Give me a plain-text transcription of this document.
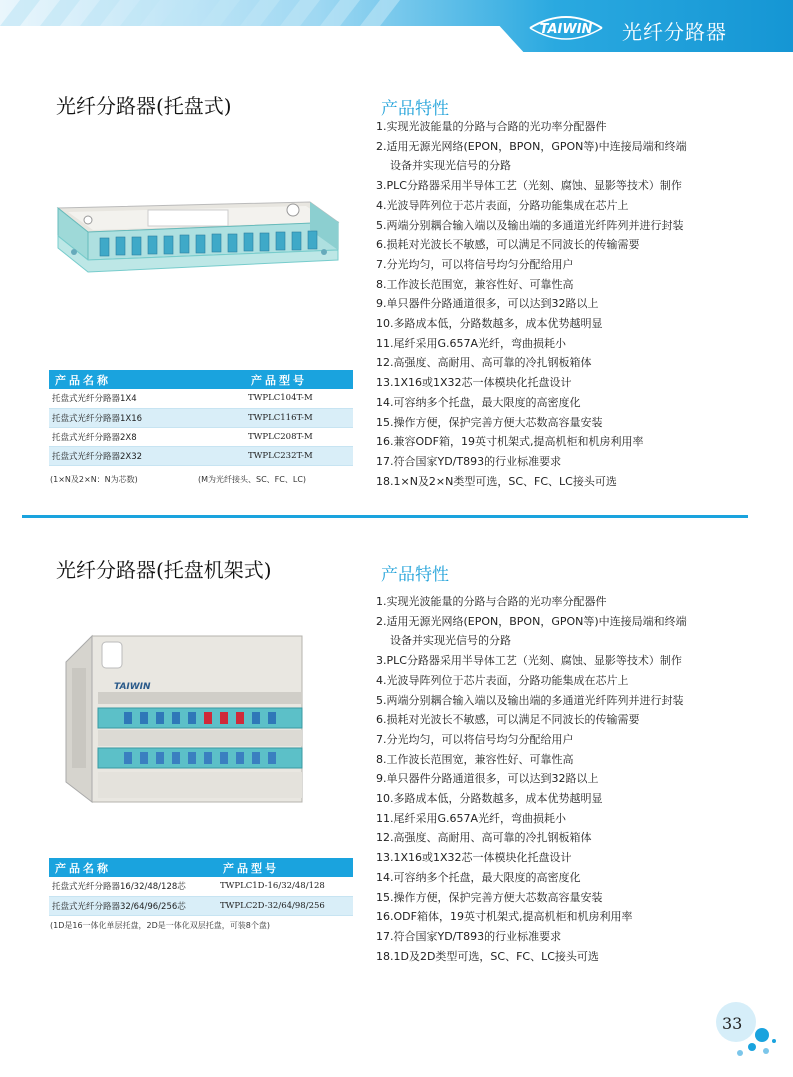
TAIWIN 光纤分路器
光纤分路器(托盘式)	产品特性
产品名称	产品型号
托盘式光纤分路器1X4	TWPLC104T-M
托盘式光纤分路器1X16	TWPLC116T-M
托盘式光纤分路器2X8	TWPLC208T-M
托盘式光纤分路器2X32	TWPLC232T-M
(1×N及2×N：N为芯数)	(M为光纤接头、SC、FC、LC)
1.实现光波能量的分路与合路的光功率分配器件
2.适用无源光网络(EPON，BPON，GPON等)中连接局端和终端
设备并实现光信号的分路
3.PLC分路器采用半导体工艺（光刻、腐蚀、显影等技术）制作
4.光波导阵列位于芯片表面，分路功能集成在芯片上
5.两端分别耦合输入端以及输出端的多通道光纤阵列并进行封装
6.损耗对光波长不敏感，可以满足不同波长的传输需要
7.分光均匀，可以将信号均匀分配给用户
8.工作波长范围宽，兼容性好、可靠性高
9.单只器件分路通道很多，可以达到32路以上
10.多路成本低，分路数越多，成本优势越明显
11.尾纤采用G.657A光纤，弯曲损耗小
12.高强度、高耐用、高可靠的冷扎钢板箱体
13.1X16或1X32芯一体模块化托盘设计
14.可容纳多个托盘，最大限度的高密度化
15.操作方便，保护完善方便大芯数高容量安装
16.兼容ODF箱，19英寸机架式,提高机柜和机房利用率
17.符合国家YD/T893的行业标准要求
18.1×N及2×N类型可选，SC、FC、LC接头可选
光纤分路器(托盘机架式)	产品特性
TAIWIN
产品名称	产品型号
托盘式光纤分路器16/32/48/128芯	TWPLC1D-16/32/48/128
托盘式光纤分路器32/64/96/256芯	TWPLC2D-32/64/98/256
(1D是16一体化单层托盘，2D是一体化双层托盘，可装8个盘)
1.实现光波能量的分路与合路的光功率分配器件
2.适用无源光网络(EPON，BPON，GPON等)中连接局端和终端
设备并实现光信号的分路
3.PLC分路器采用半导体工艺（光刻、腐蚀、显影等技术）制作
4.光波导阵列位于芯片表面，分路功能集成在芯片上
5.两端分别耦合输入端以及输出端的多通道光纤阵列并进行封装
6.损耗对光波长不敏感，可以满足不同波长的传输需要
7.分光均匀，可以将信号均匀分配给用户
8.工作波长范围宽，兼容性好、可靠性高
9.单只器件分路通道很多，可以达到32路以上
10.多路成本低，分路数越多，成本优势越明显
11.尾纤采用G.657A光纤，弯曲损耗小
12.高强度、高耐用、高可靠的冷扎钢板箱体
13.1X16或1X32芯一体模块化托盘设计
14.可容纳多个托盘，最大限度的高密度化
15.操作方便，保护完善方便大芯数高容量安装
16.ODF箱体，19英寸机架式,提高机柜和机房利用率
17.符合国家YD/T893的行业标准要求
18.1D及2D类型可选，SC、FC、LC接头可选
33
